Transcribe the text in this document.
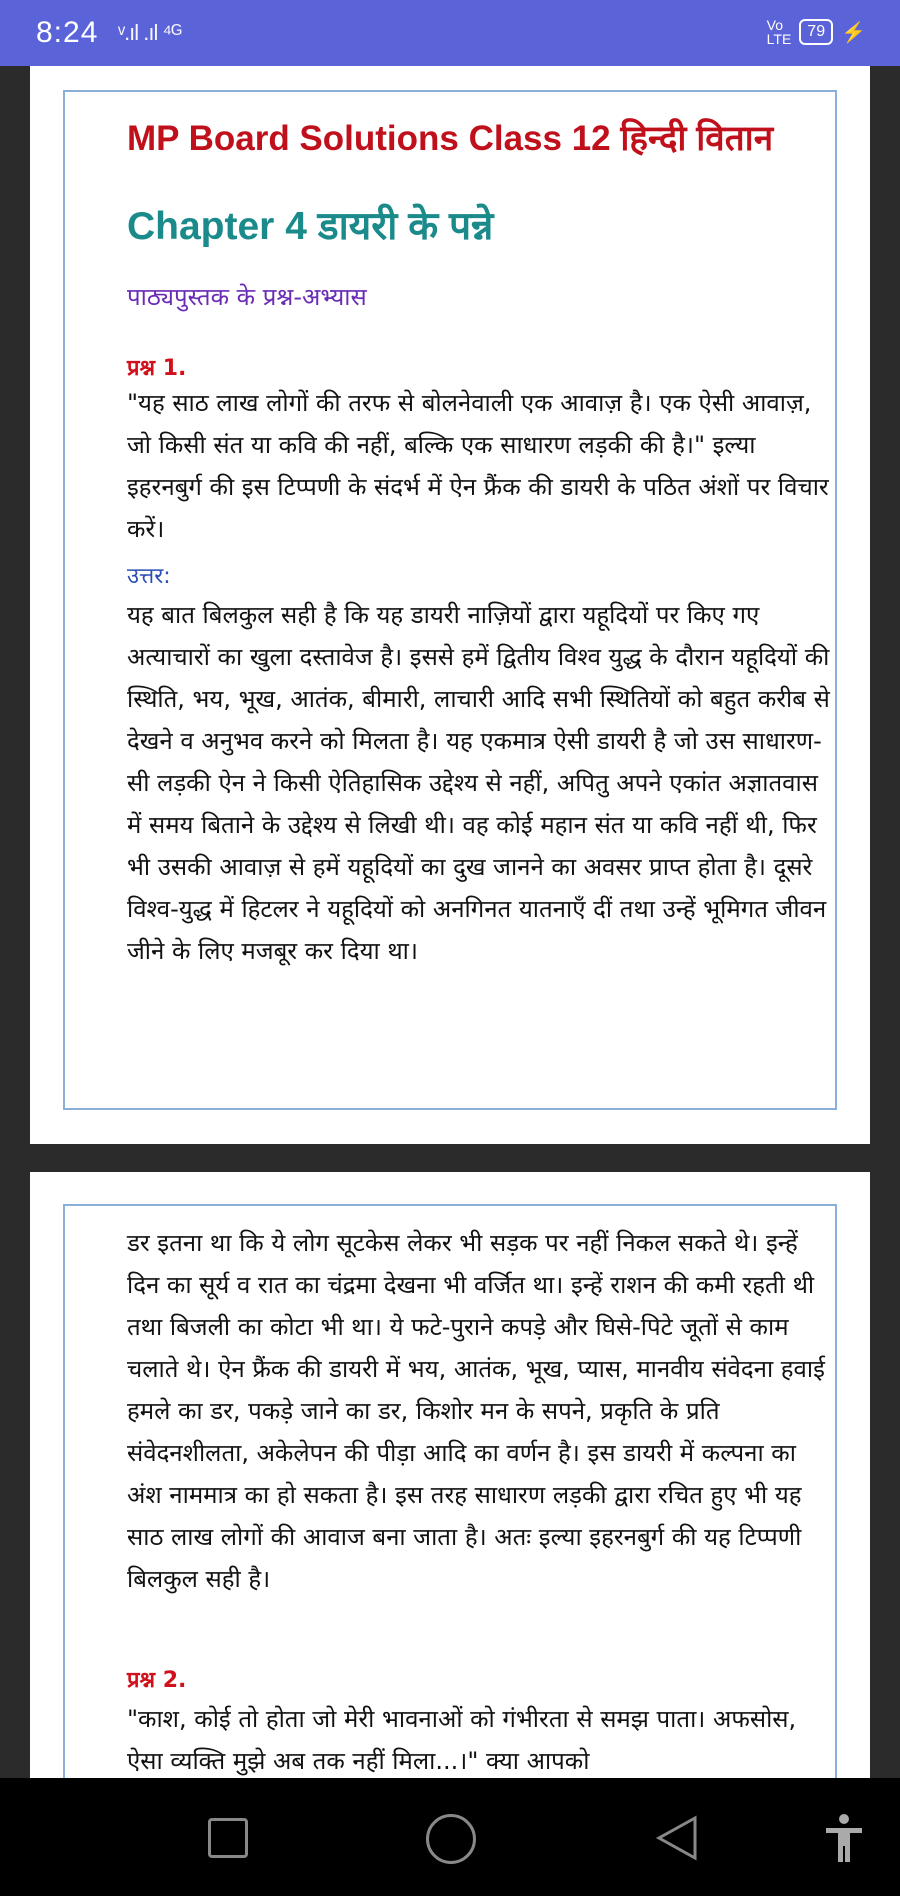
8:24 ᵛ.ıl .ıl ⁴ᴳ	Vo
LTE	79 ⚡
MP Board Solutions Class 12 हिन्दी वितान
Chapter 4 डायरी के पन्ने
पाठ्यपुस्तक के प्रश्न-अभ्यास
प्रश्न 1.

"यह साठ लाख लोगों की तरफ से बोलनेवाली एक आवाज़ है। एक ऐसी आवाज़, जो किसी संत या कवि की नहीं, बल्कि एक साधारण लड़की की है।" इल्या इहरनबुर्ग की इस टिप्पणी के संदर्भ में ऐन फ्रैंक की डायरी के पठित अंशों पर विचार करें।

उत्तर:

यह बात बिलकुल सही है कि यह डायरी नाज़ियों द्वारा यहूदियों पर किए गए अत्याचारों का खुला दस्तावेज है। इससे हमें द्वितीय विश्व युद्ध के दौरान यहूदियों की स्थिति, भय, भूख, आतंक, बीमारी, लाचारी आदि सभी स्थितियों को बहुत करीब से देखने व अनुभव करने को मिलता है। यह एकमात्र ऐसी डायरी है जो उस साधारण-सी लड़की ऐन ने किसी ऐतिहासिक उद्देश्य से नहीं, अपितु अपने एकांत अज्ञातवास में समय बिताने के उद्देश्य से लिखी थी। वह कोई महान संत या कवि नहीं थी, फिर भी उसकी आवाज़ से हमें यहूदियों का दुख जानने का अवसर प्राप्त होता है। दूसरे विश्व-युद्ध में हिटलर ने यहूदियों को अनगिनत यातनाएँ दीं तथा उन्हें भूमिगत जीवन जीने के लिए मजबूर कर दिया था।

डर इतना था कि ये लोग सूटकेस लेकर भी सड़क पर नहीं निकल सकते थे। इन्हें दिन का सूर्य व रात का चंद्रमा देखना भी वर्जित था। इन्हें राशन की कमी रहती थी तथा बिजली का कोटा भी था। ये फटे-पुराने कपड़े और घिसे-पिटे जूतों से काम चलाते थे। ऐन फ्रैंक की डायरी में भय, आतंक, भूख, प्यास, मानवीय संवेदना हवाई हमले का डर, पकड़े जाने का डर, किशोर मन के सपने, प्रकृति के प्रति संवेदनशीलता, अकेलेपन की पीड़ा आदि का वर्णन है। इस डायरी में कल्पना का अंश नाममात्र का हो सकता है। इस तरह साधारण लड़की द्वारा रचित हुए भी यह साठ लाख लोगों की आवाज बना जाता है। अतः इल्या इहरनबुर्ग की यह टिप्पणी बिलकुल सही है।

प्रश्न 2.

"काश, कोई तो होता जो मेरी भावनाओं को गंभीरता से समझ पाता। अफसोस, ऐसा व्यक्ति मुझे अब तक नहीं मिला...।" क्या आपको
